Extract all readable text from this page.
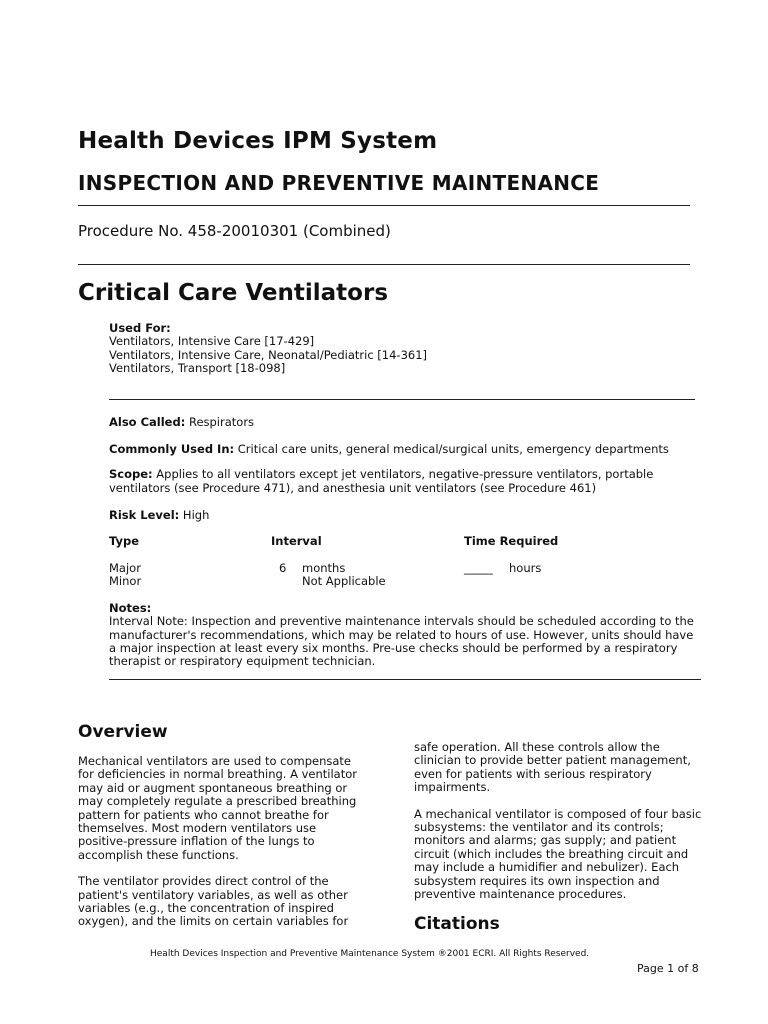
Health Devices IPM System
INSPECTION AND PREVENTIVE MAINTENANCE
Procedure No. 458-20010301 (Combined)
Critical Care Ventilators
Used For:
Ventilators, Intensive Care [17-429]
Ventilators, Intensive Care, Neonatal/Pediatric [14-361]
Ventilators, Transport [18-098]
Also Called: Respirators
Commonly Used In: Critical care units, general medical/surgical units, emergency departments
Scope: Applies to all ventilators except jet ventilators, negative-pressure ventilators, portable
ventilators (see Procedure 471), and anesthesia unit ventilators (see Procedure 461)
Risk Level: High
Type	Interval	Time Required
Major	6 months	_____ hours
Minor	Not Applicable
Notes:
Interval Note: Inspection and preventive maintenance intervals should be scheduled according to the
manufacturer's recommendations, which may be related to hours of use. However, units should have
a major inspection at least every six months. Pre-use checks should be performed by a respiratory
therapist or respiratory equipment technician.
Overview

Mechanical ventilators are used to compensate
for deficiencies in normal breathing. A ventilator
may aid or augment spontaneous breathing or
may completely regulate a prescribed breathing
pattern for patients who cannot breathe for
themselves. Most modern ventilators use
positive-pressure inflation of the lungs to
accomplish these functions.

The ventilator provides direct control of the
patient's ventilatory variables, as well as other
variables (e.g., the concentration of inspired
oxygen), and the limits on certain variables for

safe operation. All these controls allow the
clinician to provide better patient management,
even for patients with serious respiratory
impairments.

A mechanical ventilator is composed of four basic
subsystems: the ventilator and its controls;
monitors and alarms; gas supply; and patient
circuit (which includes the breathing circuit and
may include a humidifier and nebulizer). Each
subsystem requires its own inspection and
preventive maintenance procedures.

Citations
Health Devices Inspection and Preventive Maintenance System ®2001 ECRI. All Rights Reserved.
Page 1 of 8
